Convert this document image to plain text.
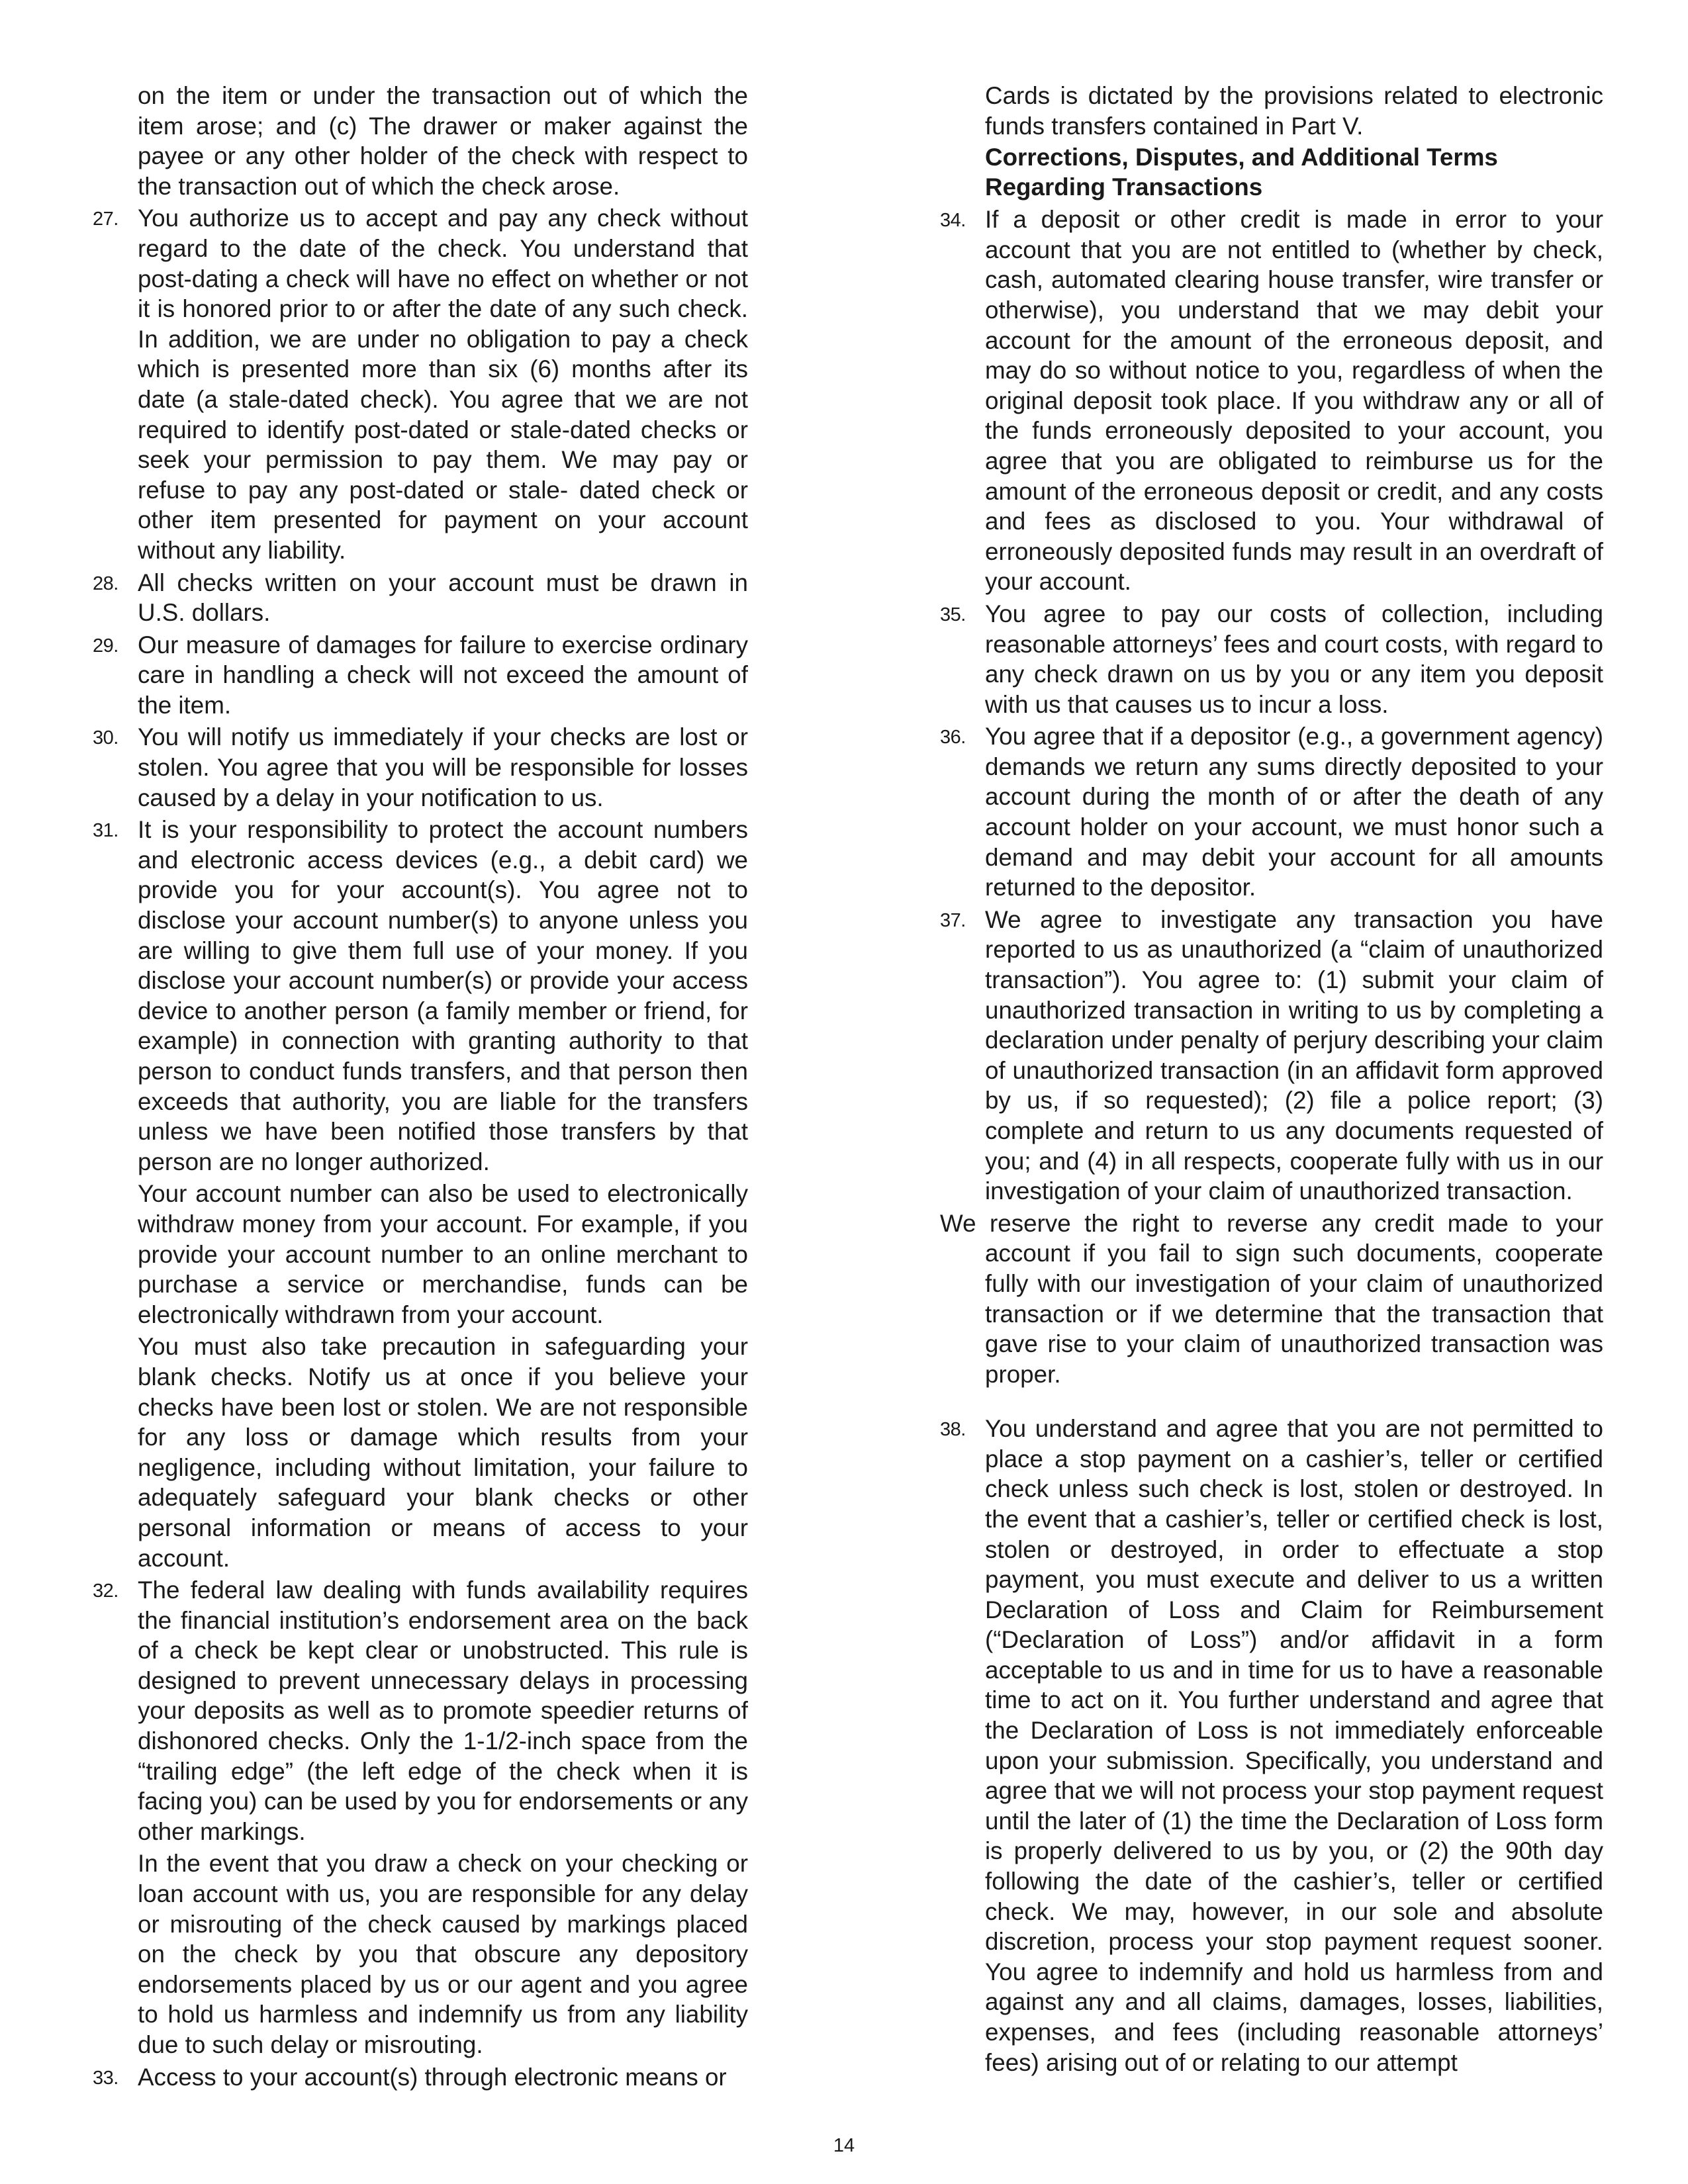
on the item or under the transaction out of which the item arose; and (c) The drawer or maker against the payee or any other holder of the check with respect to the transaction out of which the check arose.

27. You authorize us to accept and pay any check without regard to the date of the check. You understand that post-dating a check will have no effect on whether or not it is honored prior to or after the date of any such check. In addition, we are under no obligation to pay a check which is presented more than six (6) months after its date (a stale-dated check). You agree that we are not required to identify post-dated or stale-dated checks or seek your permission to pay them. We may pay or refuse to pay any post-dated or stale- dated check or other item presented for payment on your account without any liability.
28. All checks written on your account must be drawn in U.S. dollars.
29. Our measure of damages for failure to exercise ordinary care in handling a check will not exceed the amount of the item.
30. You will notify us immediately if your checks are lost or stolen. You agree that you will be responsible for losses caused by a delay in your notification to us.
31. It is your responsibility to protect the account numbers and electronic access devices (e.g., a debit card) we provide you for your account(s). You agree not to disclose your account number(s) to anyone unless you are willing to give them full use of your money. If you disclose your account number(s) or provide your access device to another person (a family member or friend, for example) in connection with granting authority to that person to conduct funds transfers, and that person then exceeds that authority, you are liable for the transfers unless we have been notified those transfers by that person are no longer authorized.

Your account number can also be used to electronically withdraw money from your account. For example, if you provide your account number to an online merchant to purchase a service or merchandise, funds can be electronically withdrawn from your account.

You must also take precaution in safeguarding your blank checks. Notify us at once if you believe your checks have been lost or stolen. We are not responsible for any loss or damage which results from your negligence, including without limitation, your failure to adequately safeguard your blank checks or other personal information or means of access to your account.

32. The federal law dealing with funds availability requires the financial institution’s endorsement area on the back of a check be kept clear or unobstructed. This rule is designed to prevent unnecessary delays in processing your deposits as well as to promote speedier returns of dishonored checks. Only the 1-1/2-inch space from the “trailing edge” (the left edge of the check when it is facing you) can be used by you for endorsements or any other markings.

In the event that you draw a check on your checking or loan account with us, you are responsible for any delay or misrouting of the check caused by markings placed on the check by you that obscure any depository endorsements placed by us or our agent and you agree to hold us harmless and indemnify us from any liability due to such delay or misrouting.

33. Access to your account(s) through electronic means or

Cards is dictated by the provisions related to electronic funds transfers contained in Part V.

Corrections, Disputes, and Additional Terms Regarding Transactions
34. If a deposit or other credit is made in error to your account that you are not entitled to (whether by check, cash, automated clearing house transfer, wire transfer or otherwise), you understand that we may debit your account for the amount of the erroneous deposit, and may do so without notice to you, regardless of when the original deposit took place. If you withdraw any or all of the funds erroneously deposited to your account, you agree that you are obligated to reimburse us for the amount of the erroneous deposit or credit, and any costs and fees as disclosed to you. Your withdrawal of erroneously deposited funds may result in an overdraft of your account.
35. You agree to pay our costs of collection, including reasonable attorneys’ fees and court costs, with regard to any check drawn on us by you or any item you deposit with us that causes us to incur a loss.
36. You agree that if a depositor (e.g., a government agency) demands we return any sums directly deposited to your account during the month of or after the death of any account holder on your account, we must honor such a demand and may debit your account for all amounts returned to the depositor.
37. We agree to investigate any transaction you have reported to us as unauthorized (a “claim of unauthorized transaction”). You agree to: (1) submit your claim of unauthorized transaction in writing to us by completing a declaration under penalty of perjury describing your claim of unauthorized transaction (in an affidavit form approved by us, if so requested); (2) file a police report; (3) complete and return to us any documents requested of you; and (4) in all respects, cooperate fully with us in our investigation of your claim of unauthorized transaction.

We reserve the right to reverse any credit made to your account if you fail to sign such documents, cooperate fully with our investigation of your claim of unauthorized transaction or if we determine that the transaction that gave rise to your claim of unauthorized transaction was proper.

38. You understand and agree that you are not permitted to place a stop payment on a cashier’s, teller or certified check unless such check is lost, stolen or destroyed. In the event that a cashier’s, teller or certified check is lost, stolen or destroyed, in order to effectuate a stop payment, you must execute and deliver to us a written Declaration of Loss and Claim for Reimbursement (“Declaration of Loss”) and/or affidavit in a form acceptable to us and in time for us to have a reasonable time to act on it. You further understand and agree that the Declaration of Loss is not immediately enforceable upon your submission. Specifically, you understand and agree that we will not process your stop payment request until the later of (1) the time the Declaration of Loss form is properly delivered to us by you, or (2) the 90th day following the date of the cashier’s, teller or certified check. We may, however, in our sole and absolute discretion, process your stop payment request sooner. You agree to indemnify and hold us harmless from and against any and all claims, damages, losses, liabilities, expenses, and fees (including reasonable attorneys’ fees) arising out of or relating to our attempt
14
